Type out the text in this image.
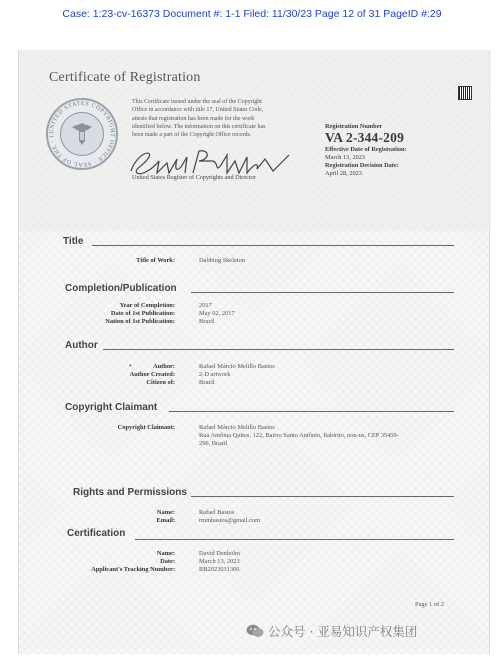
Case: 1:23-cv-16373 Document #: 1-1 Filed: 11/30/23 Page 12 of 31 PageID #:29
Certificate of Registration
UNITED STATES COPYRIGHT OFFICE · SEAL OF THE · 1
This Certificate issued under the seal of the Copyright
Office in accordance with title 17, United States Code,
attests that registration has been made for the work
identified below. The information on this certificate has
been made a part of the Copyright Office records.
United States Register of Copyrights and Director
Registration Number
VA 2-344-209
Effective Date of Registration:
March 13, 2023
Registration Decision Date:
April 28, 2023
Title
Title of Work:	Dabbing Skeleton
Completion/Publication
Year of Completion:	2017
Date of 1st Publication:	May 02, 2017
Nation of 1st Publication:	Brazil
Author
•	Author:	Rafael Márcio Melillo Bastos
Author Created:	2-D artwork
Citizen of:	Brazil
Copyright Claimant
Copyright Claimant:	Rafael Márcio Melillo Bastos
Rua Antônia Quites, 122, Bairro Santo Antônio, Itabirito, non-us, CEP 35450-
296, Brazil
Rights and Permissions
Name:	Rafael Bastos
Email:	rmmbastos@gmail.com
Certification
Name:	David Denholm
Date:	March 13, 2023
Applicant's Tracking Number:	RB2023031306
Page 1 of 2
公众号 · 亚易知识产权集团
